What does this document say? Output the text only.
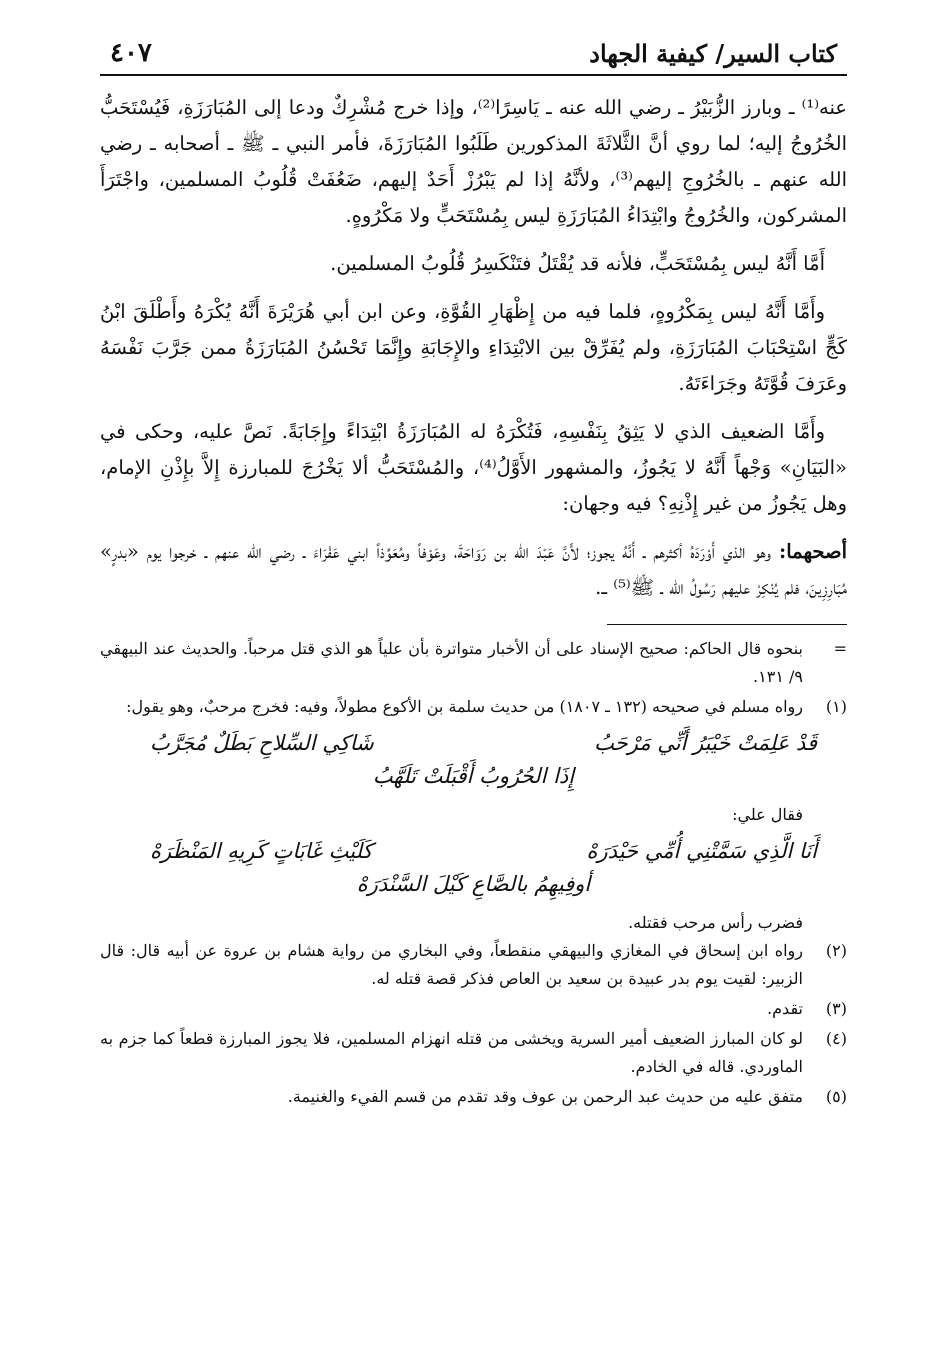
كتاب السير/ كيفية الجهاد
٤٠٧

عنه⁽¹⁾ ـ وبارز الزُّبَيْرُ ـ رضي الله عنه ـ يَاسِرًا⁽²⁾، وإذا خرج مُشْرِكٌ ودعا إلى المُبَارَزَةِ، فَيُسْتَحَبُّ الخُرُوجُ إليه؛ لما روي أنَّ الثَّلاثَةَ المذكورين طَلَبُوا المُبَارَزَةَ، فأمر النبي ـ ﷺ ـ أصحابه ـ رضي الله عنهم ـ بالخُرُوجِ إليهم⁽³⁾، ولأنَّهُ إذا لم يَبْرُزْ أَحَدٌ إليهم، ضَعُفَتْ قُلُوبُ المسلمين، واجْتَرَأَ المشركون، والخُرُوجُ وابْتِدَاءُ المُبَارَزَةِ ليس بِمُسْتَحَبٍّ ولا مَكْرُوهٍ.

أَمَّا أَنَّهُ ليس بِمُسْتَحَبٍّ، فلأنه قد يُقْتَلُ فتَنْكَسِرُ قُلُوبُ المسلمين.

وأَمَّا أَنَّهُ ليس بِمَكْرُوهٍ، فلما فيه من إِظْهَارِ القُوَّةِ، وعن ابن أبي هُرَيْرَةَ أَنَّهُ يُكْرَهُ وأَطْلَقَ ابْنُ كَجٍّ اسْتِحْبَابَ المُبَارَزَةِ، ولم يُفَرِّقْ بين الابْتِدَاءِ والإِجَابَةِ وإِنَّمَا تَحْسُنُ المُبَارَزَةُ ممن جَرَّبَ نَفْسَهُ وعَرَفَ قُوَّتَهُ وجَرَاءَتَهُ.

وأَمَّا الضعيف الذي لا يَثِقُ بِنَفْسِهِ، فَتُكْرَهُ له المُبَارَزَةُ ابْتِدَاءً وإِجَابَةً. نَصَّ عليه، وحكى في «البَيَانِ» وَجْهاً أَنَّهُ لا يَجُوزُ، والمشهور الأَوَّلُ⁽⁴⁾، والمُسْتَحَبُّ ألا يَخْرُجَ للمبارزة إِلاَّ بإِذْنِ الإمام، وهل يَجُوزُ من غير إِذْنِهِ؟ فيه وجهان:

أصحهما: وهو الذي أَوْرَدَهُ أكثرهم ـ أَنَّهُ يجوز؛ لأَنَّ عَبْدَ الله بن رَوَاحَةَ، وعَوْفاً ومُعَوِّذاً ابني عَفْرَاءَ ـ رضي الله عنهم ـ خرجوا يوم «بدرٍ» مُبَارِزِينَ، فلم يُنْكِرْ عليهم رَسُولُ الله ـ ﷺ⁽⁵⁾ ـ.

=
بنحوه قال الحاكم: صحيح الإسناد على أن الأخبار متواترة بأن علياً هو الذي قتل مرحباً. والحديث عند البيهقي ٩/ ١٣١.
(١)
رواه مسلم في صحيحه (١٣٢ ـ ١٨٠٧) من حديث سلمة بن الأكوع مطولاً، وفيه: فخرج مرحبٌ، وهو يقول:
قَدْ عَلِمَتْ خَيْبَرُ أَنِّي مَرْحَبُ
شَاكِي السِّلاحِ بَطَلٌ مُجَرَّبُ
إِذَا الحُرُوبُ أَقْبَلَتْ تَلَهَّبُ
فقال علي:
أَنَا الَّذِي سَمَّتْنِي أُمِّي حَيْدَرَهْ
كَلَيْثِ غَابَاتٍ كَرِيهِ المَنْظَرَهْ
أوفِيهِمُ بالصَّاعِ كَيْلَ السَّنْدَرَهْ
فضرب رأس مرحب فقتله.
(٢)
رواه ابن إسحاق في المغازي والبيهقي منقطعاً، وفي البخاري من رواية هشام بن عروة عن أبيه قال: قال الزبير: لقيت يوم بدر عبيدة بن سعيد بن العاص فذكر قصة قتله له.
(٣)
تقدم.
(٤)
لو كان المبارز الضعيف أمير السرية ويخشى من قتله انهزام المسلمين، فلا يجوز المبارزة قطعاً كما جزم به الماوردي. قاله في الخادم.
(٥)
متفق عليه من حديث عبد الرحمن بن عوف وقد تقدم من قسم الفيء والغنيمة.
